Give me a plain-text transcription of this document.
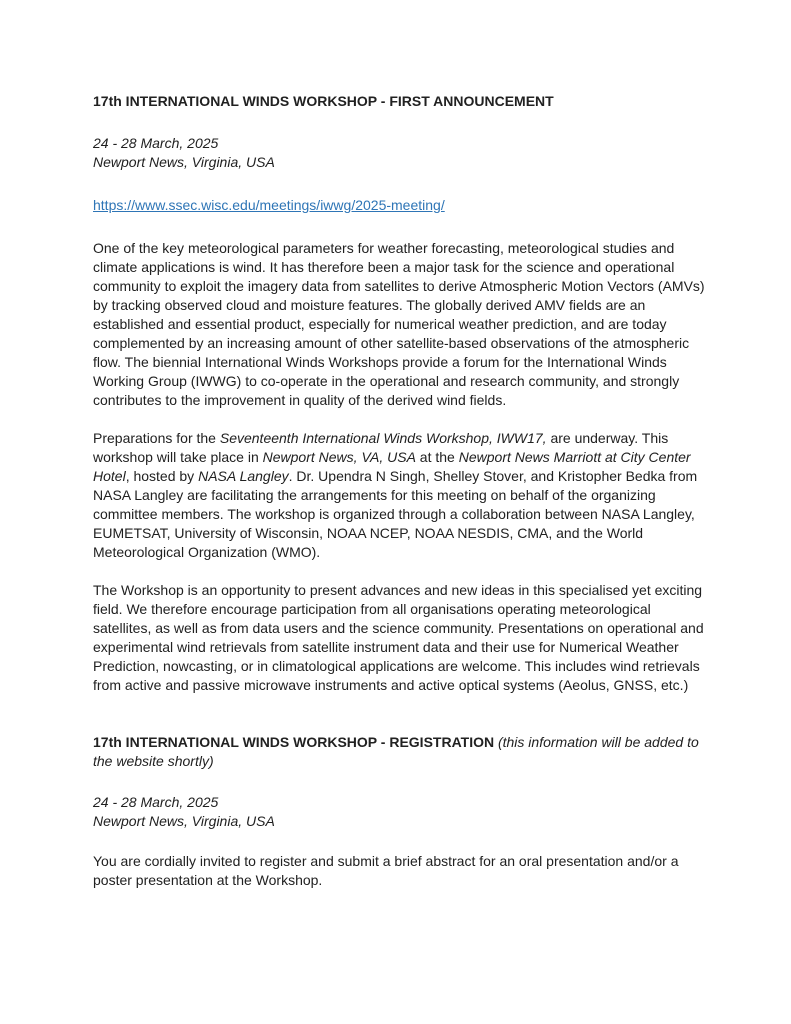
17th INTERNATIONAL WINDS WORKSHOP - FIRST ANNOUNCEMENT

24 - 28 March, 2025

Newport News, Virginia, USA

https://www.ssec.wisc.edu/meetings/iwwg/2025-meeting/

One of the key meteorological parameters for weather forecasting, meteorological studies and climate applications is wind. It has therefore been a major task for the science and operational community to exploit the imagery data from satellites to derive Atmospheric Motion Vectors (AMVs) by tracking observed cloud and moisture features. The globally derived AMV fields are an established and essential product, especially for numerical weather prediction, and are today complemented by an increasing amount of other satellite-based observations of the atmospheric flow. The biennial International Winds Workshops provide a forum for the International Winds Working Group (IWWG) to co-operate in the operational and research community, and strongly contributes to the improvement in quality of the derived wind fields.

Preparations for the Seventeenth International Winds Workshop, IWW17, are underway. This workshop will take place in Newport News, VA, USA at the Newport News Marriott at City Center Hotel, hosted by NASA Langley. Dr. Upendra N Singh, Shelley Stover, and Kristopher Bedka from NASA Langley are facilitating the arrangements for this meeting on behalf of the organizing committee members. The workshop is organized through a collaboration between NASA Langley, EUMETSAT, University of Wisconsin, NOAA NCEP, NOAA NESDIS, CMA, and the World Meteorological Organization (WMO).

The Workshop is an opportunity to present advances and new ideas in this specialised yet exciting field. We therefore encourage participation from all organisations operating meteorological satellites, as well as from data users and the science community. Presentations on operational and experimental wind retrievals from satellite instrument data and their use for Numerical Weather Prediction, nowcasting, or in climatological applications are welcome. This includes wind retrievals from active and passive microwave instruments and active optical systems (Aeolus, GNSS, etc.)

17th INTERNATIONAL WINDS WORKSHOP - REGISTRATION (this information will be added to the website shortly)

24 - 28 March, 2025

Newport News, Virginia, USA

You are cordially invited to register and submit a brief abstract for an oral presentation and/or a poster presentation at the Workshop.
